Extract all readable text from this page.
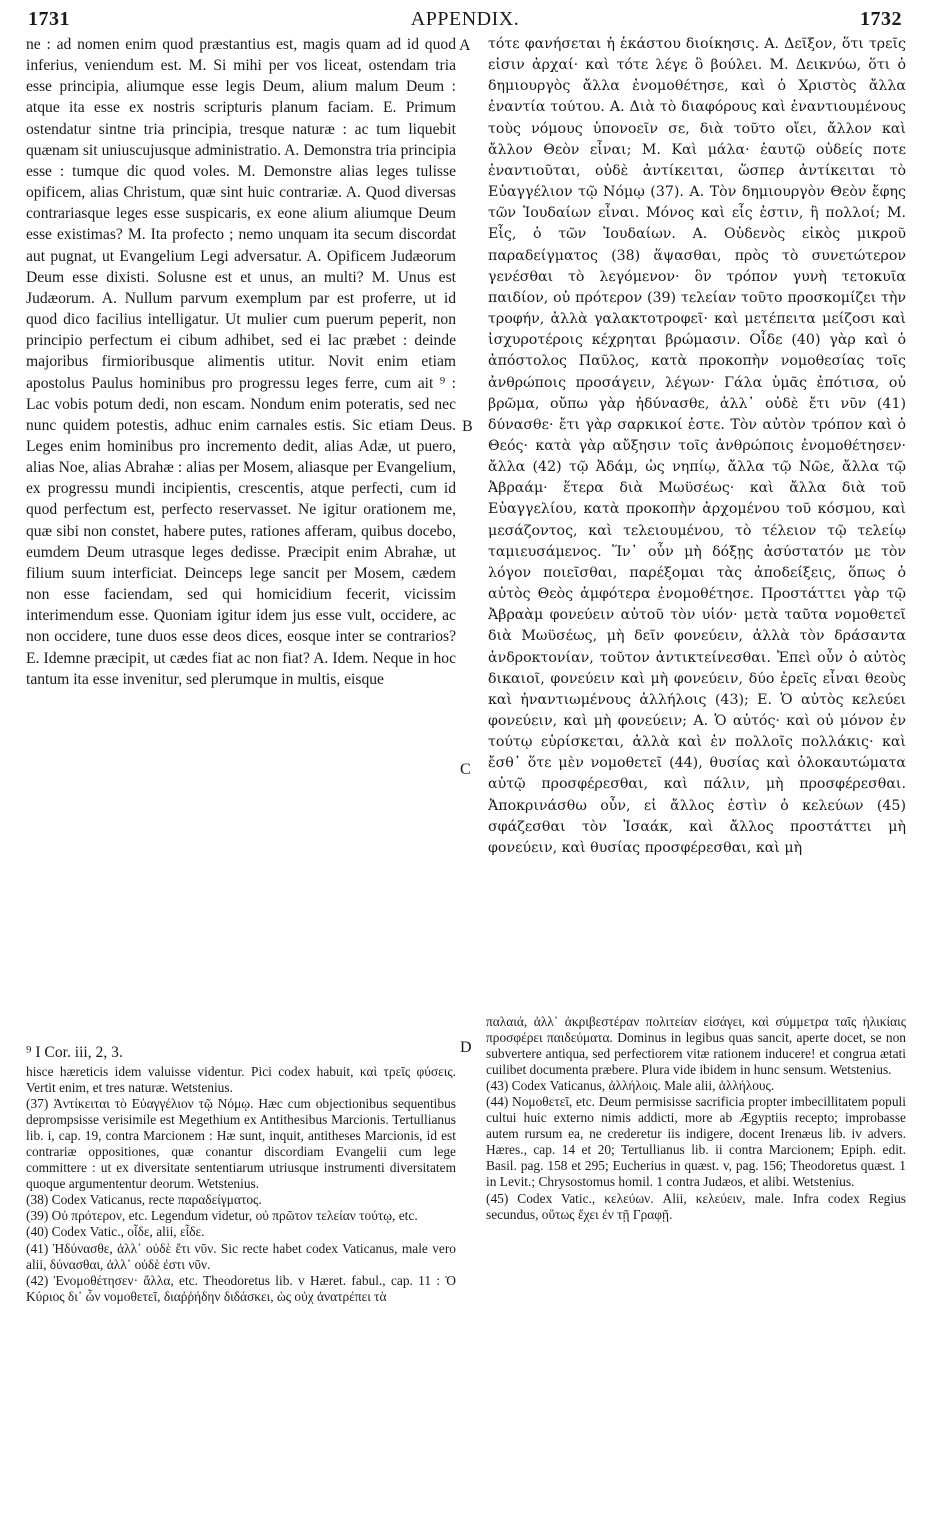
1731	APPENDIX.	1732
A
B
C
D

ne : ad nomen enim quod præstantius est, magis quam ad id quod inferius, veniendum est. M. Si mihi per vos liceat, ostendam tria esse principia, aliumque esse legis Deum, alium malum Deum : atque ita esse ex nostris scripturis planum faciam. E. Primum ostendatur sintne tria principia, tresque naturæ : ac tum liquebit quænam sit uniuscujusque administratio. A. Demonstra tria principia esse : tumque dic quod voles. M. Demonstre alias leges tulisse opificem, alias Christum, quæ sint huic contrariæ. A. Quod diversas contrariasque leges esse suspicaris, ex eone alium aliumque Deum esse existimas? M. Ita profecto ; nemo unquam ita secum discordat aut pugnat, ut Evangelium Legi adversatur. A. Opificem Judæorum Deum esse dixisti. Solusne est et unus, an multi? M. Unus est Judæorum. A. Nullum parvum exemplum par est proferre, ut id quod dico facilius intelligatur. Ut mulier cum puerum peperit, non principio perfectum ei cibum adhibet, sed ei lac præbet : deinde majoribus firmioribusque alimentis utitur. Novit enim etiam apostolus Paulus hominibus pro progressu leges ferre, cum ait ⁹ : Lac vobis potum dedi, non escam. Nondum enim poteratis, sed nec nunc quidem potestis, adhuc enim carnales estis. Sic etiam Deus. Leges enim hominibus pro incremento dedit, alias Adæ, ut puero, alias Noe, alias Abrahæ : alias per Mosem, aliasque per Evangelium, ex progressu mundi incipientis, crescentis, atque perfecti, cum id quod perfectum est, perfecto reservasset. Ne igitur orationem me, quæ sibi non constet, habere putes, rationes afferam, quibus docebo, eumdem Deum utrasque leges dedisse. Præcipit enim Abrahæ, ut filium suum interficiat. Deinceps lege sancit per Mosem, cædem non esse faciendam, sed qui homicidium fecerit, vicissim interimendum esse. Quoniam igitur idem jus esse vult, occidere, ac non occidere, tune duos esse deos dices, eosque inter se contrarios? E. Idemne præcipit, ut cædes fiat ac non fiat? A. Idem. Neque in hoc tantum ita esse invenitur, sed plerumque in multis, eisque

τότε φανήσεται ἡ ἑκάστου διοίκησις. Α. Δεῖξον, ὅτι τρεῖς εἰσιν ἀρχαί· καὶ τότε λέγε ὃ βούλει. Μ. Δεικνύω, ὅτι ὁ δημιουργὸς ἄλλα ἐνομοθέτησε, καὶ ὁ Χριστὸς ἄλλα ἐναντία τούτου. Α. Διὰ τὸ διαφόρους καὶ ἐναντιουμένους τοὺς νόμους ὑπονοεῖν σε, διὰ τοῦτο οἴει, ἄλλον καὶ ἄλλον Θεὸν εἶναι; Μ. Καὶ μάλα· ἑαυτῷ οὐδείς ποτε ἐναντιοῦται, οὐδὲ ἀντίκειται, ὥσπερ ἀντίκειται τὸ Εὐαγγέλιον τῷ Νόμῳ (37). Α. Τὸν δημιουργὸν Θεὸν ἔφης τῶν Ἰουδαίων εἶναι. Μόνος καὶ εἷς ἐστιν, ἢ πολλοί; Μ. Εἷς, ὁ τῶν Ἰουδαίων. Α. Οὐδενὸς εἰκὸς μικροῦ παραδείγματος (38) ἅψασθαι, πρὸς τὸ συνετώτερον γενέσθαι τὸ λεγόμενον· ὃν τρόπον γυνὴ τετοκυῖα παιδίον, οὐ πρότερον (39) τελείαν τοῦτο προσκομίζει τὴν τροφήν, ἀλλὰ γαλακτοτροφεῖ· καὶ μετέπειτα μείζοσι καὶ ἰσχυροτέροις κέχρηται βρώμασιν. Οἶδε (40) γὰρ καὶ ὁ ἀπόστολος Παῦλος, κατὰ προκοπὴν νομοθεσίας τοῖς ἀνθρώποις προσάγειν, λέγων· Γάλα ὑμᾶς ἐπότισα, οὐ βρῶμα, οὔπω γὰρ ἠδύνασθε, ἀλλ᾽ οὐδὲ ἔτι νῦν (41) δύνασθε· ἔτι γὰρ σαρκικοί ἐστε. Τὸν αὐτὸν τρόπον καὶ ὁ Θεός· κατὰ γὰρ αὔξησιν τοῖς ἀνθρώποις ἐνομοθέτησεν· ἄλλα (42) τῷ Ἀδάμ, ὡς νηπίῳ, ἄλλα τῷ Νῶε, ἄλλα τῷ Ἀβραάμ· ἕτερα διὰ Μωϋσέως· καὶ ἄλλα διὰ τοῦ Εὐαγγελίου, κατὰ προκοπὴν ἀρχομένου τοῦ κόσμου, καὶ μεσάζοντος, καὶ τελειουμένου, τὸ τέλειον τῷ τελείῳ ταμιευσάμενος. Ἵν᾽ οὖν μὴ δόξῃς ἀσύστατόν με τὸν λόγον ποιεῖσθαι, παρέξομαι τὰς ἀποδείξεις, ὅπως ὁ αὐτὸς Θεὸς ἀμφότερα ἐνομοθέτησε. Προστάττει γὰρ τῷ Ἀβραὰμ φονεύειν αὐτοῦ τὸν υἱόν· μετὰ ταῦτα νομοθετεῖ διὰ Μωϋσέως, μὴ δεῖν φονεύειν, ἀλλὰ τὸν δράσαντα ἀνδροκτονίαν, τοῦτον ἀντικτείνεσθαι. Ἐπεὶ οὖν ὁ αὐτὸς δικαιοῖ, φονεύειν καὶ μὴ φονεύειν, δύο ἐρεῖς εἶναι θεοὺς καὶ ἠναντιωμένους ἀλλήλοις (43); Ε. Ὁ αὐτὸς κελεύει φονεύειν, καὶ μὴ φονεύειν; Α. Ὁ αὐτός· καὶ οὐ μόνον ἐν τούτῳ εὑρίσκεται, ἀλλὰ καὶ ἐν πολλοῖς πολλάκις· καὶ ἔσθ᾽ ὅτε μὲν νομοθετεῖ (44), θυσίας καὶ ὁλοκαυτώματα αὐτῷ προσφέρεσθαι, καὶ πάλιν, μὴ προσφέρεσθαι. Ἀποκρινάσθω οὖν, εἰ ἄλλος ἐστὶν ὁ κελεύων (45) σφάζεσθαι τὸν Ἰσαάκ, καὶ ἄλλος προστάττει μὴ φονεύειν, καὶ θυσίας προσφέρεσθαι, καὶ μὴ

⁹ I Cor. iii, 2, 3.

hisce hæreticis idem valuisse videntur. Pici codex habuit, καὶ τρεῖς φύσεις. Vertit enim, et tres naturæ. Wetstenius.

(37) Ἀντίκειται τὸ Εὐαγγέλιον τῷ Νόμῳ. Hæc cum objectionibus sequentibus deprompsisse verisimile est Megethium ex Antithesibus Marcionis. Tertullianus lib. i, cap. 19, contra Marcionem : Hæ sunt, inquit, antitheses Marcionis, id est contrariæ oppositiones, quæ conantur discordiam Evangelii cum lege committere : ut ex diversitate sententiarum utriusque instrumenti diversitatem quoque argumententur deorum. Wetstenius.

(38) Codex Vaticanus, recte παραδείγματος.

(39) Οὐ πρότερον, etc. Legendum videtur, οὐ πρῶτον τελείαν τούτῳ, etc.

(40) Codex Vatic., οἶδε, alii, εἶδε.

(41) Ἠδύνασθε, ἀλλ᾽ οὐδὲ ἔτι νῦν. Sic recte habet codex Vaticanus, male vero alii, δύνασθαι, ἀλλ᾽ οὐδὲ ἐστι νῦν.

(42) Ἐνομοθέτησεν· ἄλλα, etc. Theodoretus lib. v Hæret. fabul., cap. 11 : Ὁ Κύριος δι᾽ ὧν νομοθετεῖ, διαῤῥήδην διδάσκει, ὡς οὐχ ἀνατρέπει τὰ

παλαιά, ἀλλ᾽ ἀκριβεστέραν πολιτείαν εἰσάγει, καὶ σύμμετρα ταῖς ἡλικίαις προσφέρει παιδεύματα. Dominus in legibus quas sancit, aperte docet, se non subvertere antiqua, sed perfectiorem vitæ rationem inducere! et congrua ætati cuilibet documenta præbere. Plura vide ibidem in hunc sensum. Wetstenius.

(43) Codex Vaticanus, ἀλλήλοις. Male alii, ἀλλήλους.

(44) Νομοθετεῖ, etc. Deum permisisse sacrificia propter imbecillitatem populi cultui huic externo nimis addicti, more ab Ægyptiis recepto; improbasse autem rursum ea, ne crederetur iis indigere, docent Irenæus lib. iv advers. Hæres., cap. 14 et 20; Tertullianus lib. ii contra Marcionem; Epiph. edit. Basil. pag. 158 et 295; Eucherius in quæst. v, pag. 156; Theodoretus quæst. 1 in Levit.; Chrysostomus homil. 1 contra Judæos, et alibi. Wetstenius.

(45) Codex Vatic., κελεύων. Alii, κελεύειν, male. Infra codex Regius secundus, οὕτως ἔχει ἐν τῇ Γραφῇ.
